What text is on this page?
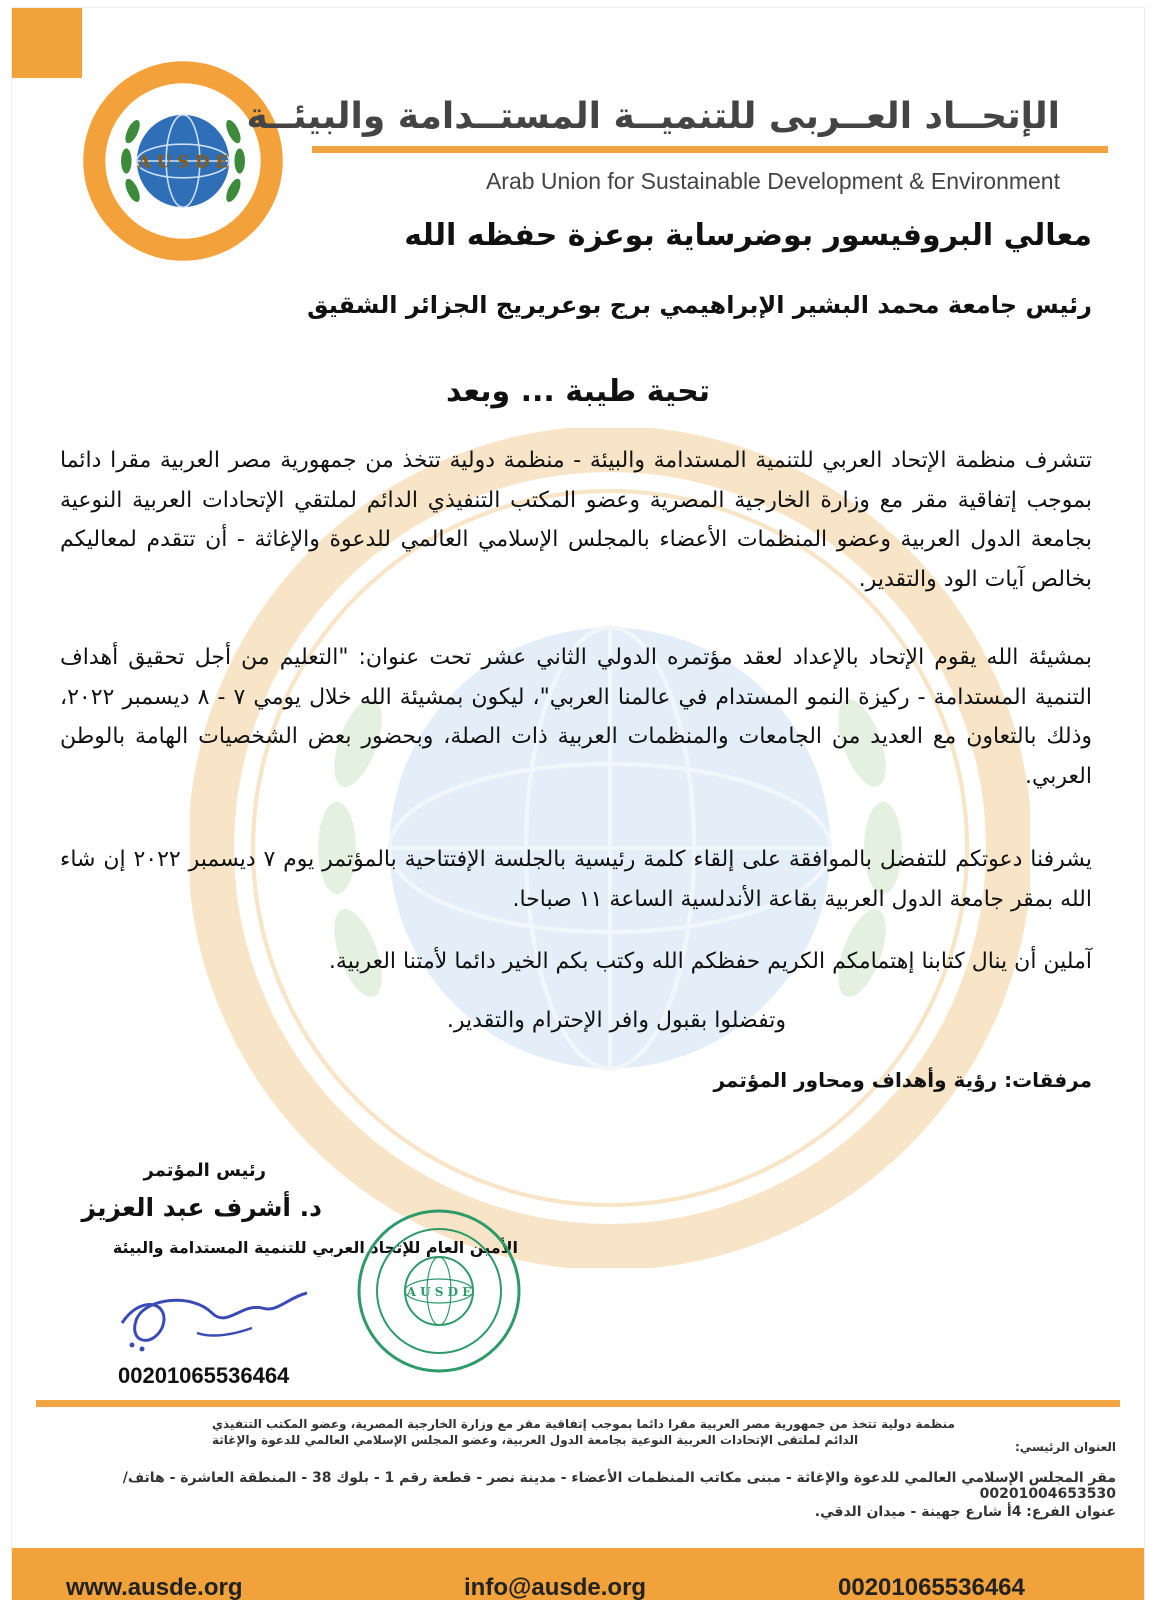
A U S D E
الإتحــاد العــربى للتنميــة المستــدامة والبيئــة
Arab Union for Sustainable Development & Environment
معالي البروفيسور بوضرساية بوعزة حفظه الله
رئيس جامعة محمد البشير الإبراهيمي برج بوعريريج الجزائر الشقيق
تحية طيبة ... وبعد
تتشرف منظمة الإتحاد العربي للتنمية المستدامة والبيئة - منظمة دولية تتخذ من جمهورية مصر العربية مقرا دائما بموجب إتفاقية مقر مع وزارة الخارجية المصرية وعضو المكتب التنفيذي الدائم لملتقي الإتحادات العربية النوعية بجامعة الدول العربية وعضو المنظمات الأعضاء بالمجلس الإسلامي العالمي للدعوة والإغاثة - أن تتقدم لمعاليكم بخالص آيات الود والتقدير.
بمشيئة الله يقوم الإتحاد بالإعداد لعقد مؤتمره الدولي الثاني عشر تحت عنوان: "التعليم من أجل تحقيق أهداف التنمية المستدامة - ركيزة النمو المستدام في عالمنا العربي"، ليكون بمشيئة الله خلال يومي ٧ - ٨ ديسمبر ٢٠٢٢، وذلك بالتعاون مع العديد من الجامعات والمنظمات العربية ذات الصلة، وبحضور بعض الشخصيات الهامة بالوطن العربي.
يشرفنا دعوتكم للتفضل بالموافقة على إلقاء كلمة رئيسية بالجلسة الإفتتاحية بالمؤتمر يوم ٧ ديسمبر ٢٠٢٢ إن شاء الله بمقر جامعة الدول العربية بقاعة الأندلسية الساعة ١١ صباحا.
آملين أن ينال كتابنا إهتمامكم الكريم حفظكم الله وكتب بكم الخير دائما لأمتنا العربية.
وتفضلوا بقبول وافر الإحترام والتقدير.
مرفقات: رؤية وأهداف ومحاور المؤتمر
رئيس المؤتمر
د. أشرف عبد العزيز
الأمين العام للإتحاد العربي للتنمية المستدامة والبيئة
A U S D E
00201065536464
منظمة دولية تتخذ من جمهورية مصر العربية مقرا دائما بموجب إتفاقية مقر مع وزارة الخارجية المصرية، وعضو المكتب التنفيذي
الدائم لملتقى الإتحادات العربية النوعية بجامعة الدول العربية، وعضو المجلس الإسلامي العالمي للدعوة والإغاثة	العنوان الرئيسي:
مقر المجلس الإسلامي العالمي للدعوة والإغاثة - مبنى مكاتب المنظمات الأعضاء - مدينة نصر - قطعة رقم 1 - بلوك 38 - المنطقة العاشرة - هاتف/ 00201004653530
عنوان الفرع: 4أ شارع جهينة - ميدان الدقي.
www.ausde.org	info@ausde.org	00201065536464
